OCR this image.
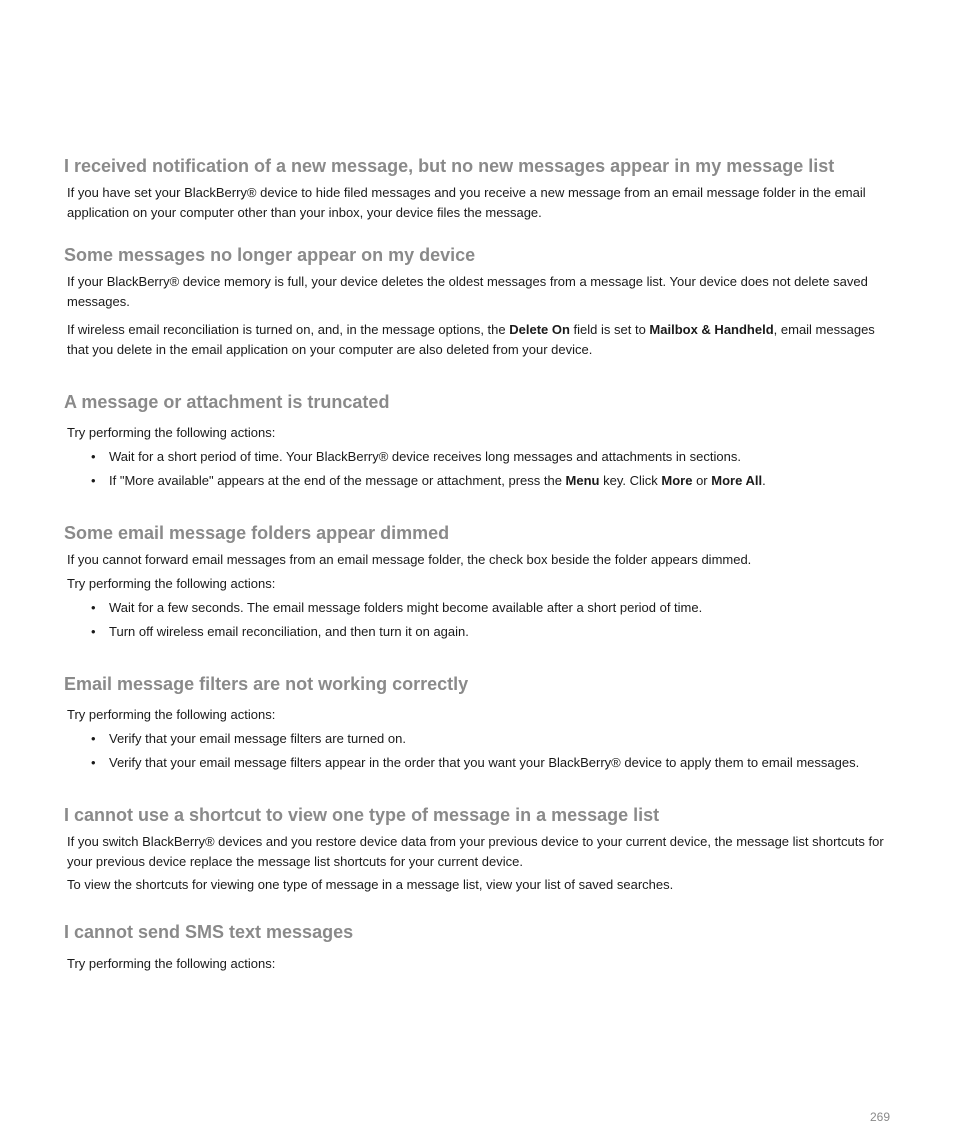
I received notification of a new message, but no new messages appear in my message list

If you have set your BlackBerry® device to hide filed messages and you receive a new message from an email message folder in the email application on your computer other than your inbox, your device files the message.

Some messages no longer appear on my device

If your BlackBerry® device memory is full, your device deletes the oldest messages from a message list. Your device does not delete saved messages.

If wireless email reconciliation is turned on, and, in the message options, the Delete On field is set to Mailbox & Handheld, email messages that you delete in the email application on your computer are also deleted from your device.

A message or attachment is truncated

Try performing the following actions:

• Wait for a short period of time. Your BlackBerry® device receives long messages and attachments in sections.
• If "More available" appears at the end of the message or attachment, press the Menu key. Click More or More All.
Some email message folders appear dimmed

If you cannot forward email messages from an email message folder, the check box beside the folder appears dimmed.

Try performing the following actions:

• Wait for a few seconds. The email message folders might become available after a short period of time.
• Turn off wireless email reconciliation, and then turn it on again.
Email message filters are not working correctly

Try performing the following actions:

• Verify that your email message filters are turned on.
• Verify that your email message filters appear in the order that you want your BlackBerry® device to apply them to email messages.
I cannot use a shortcut to view one type of message in a message list

If you switch BlackBerry® devices and you restore device data from your previous device to your current device, the message list shortcuts for your previous device replace the message list shortcuts for your current device.

To view the shortcuts for viewing one type of message in a message list, view your list of saved searches.

I cannot send SMS text messages

Try performing the following actions:

269
